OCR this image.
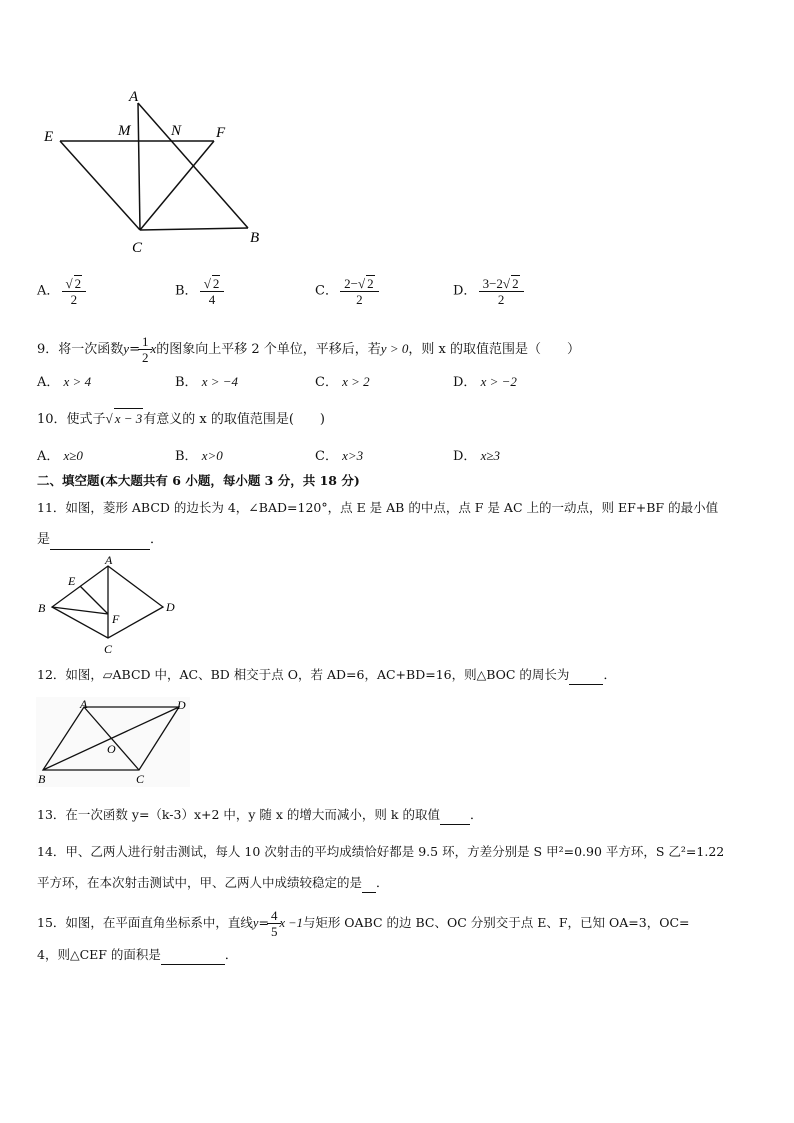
A
M	N
E	F
C
B
A． $\frac{√ 2}{2}$	B． $\frac{√ 2}{4}$	C． $\frac{2-√ 2}{2}$	D． $\frac{3-2√ 2}{2}$
9．将一次函数$y= \frac{1}{2}$ x的图象向上平移 2 个单位，平移后，若y > 0，则 x 的取值范围是（　　）
A． x > 4	B． x > −4	C． x > 2	D． x > −2
10．使式子√ x − 3有意义的 x 的取值范围是(　　)
A． x≥0	B． x>0	C． x>3	D． x≥3
二、填空题(本大题共有 6 小题，每小题 3 分，共 18 分)
11．如图，菱形 ABCD 的边长为 4，∠BAD=120°，点 E 是 AB 的中点，点 F 是 AC 上的一动点，则 EF+BF 的最小值
是	．
A
E
B
F
D
C
12．如图，▱ABCD 中，AC、BD 相交于点 O，若 AD=6，AC+BD=16，则△BOC 的周长为	．
A	D
O
B	C
13．在一次函数 y=（k-3）x+2 中，y 随 x 的增大而减小，则 k 的取值 ．
14．甲、乙两人进行射击测试，每人 10 次射击的平均成绩恰好都是 9.5 环，方差分别是 S 甲²=0.90 平方环，S 乙²=1.22
平方环，在本次射击测试中，甲、乙两人中成绩较稳定的是 ．
15．如图，在平面直角坐标系中，直线$y= \frac{4}{5}$ x −1与矩形 OABC 的边 BC、OC 分别交于点 E、F，已知 OA=3，OC=
4，则△CEF 的面积是	．
